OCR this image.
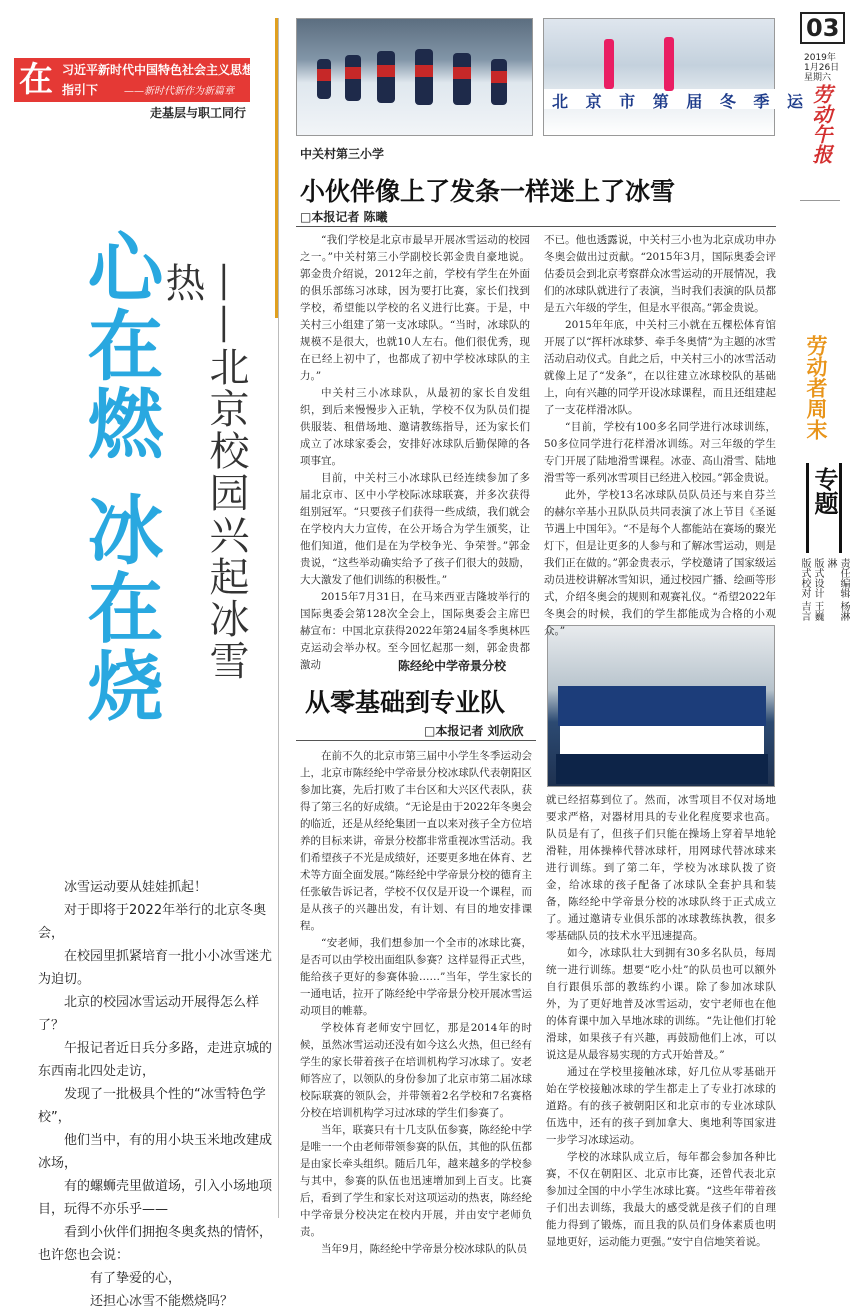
在 习近平新时代中国特色社会主义思想
指引下	——新时代新作为新篇章
走基层与职工同行
心在燃 冰在烧 ——北京校园兴起冰雪热

冰雪运动要从娃娃抓起！

对于即将于2022年举行的北京冬奥会，

在校园里抓紧培育一批小小冰雪迷尤为迫切。

北京的校园冰雪运动开展得怎么样了？

午报记者近日兵分多路，走进京城的东西南北四处走访，

发现了一批极具个性的“冰雪特色学校”，

他们当中，有的用小块玉米地改建成冰场，

有的螺蛳壳里做道场，引入小场地项目，玩得不亦乐乎——

看到小伙伴们拥抱冬奥炙热的情怀，也许您也会说：

有了挚爱的心，

还担心冰雪不能燃烧吗？

北 京 市 第 届 冬 季 运
03
2019年
1月26日
星期六
劳动午报
劳动者周末
专题
责任编辑 杨淋淋
版式设计 王巍
版式校对 吉言
中关村第三小学
小伙伴像上了发条一样迷上了冰雪
□本报记者 陈曦

“我们学校是北京市最早开展冰雪运动的校园之一。”中关村第三小学副校长郭金贵自豪地说。郭金贵介绍说，2012年之前，学校有学生在外面的俱乐部练习冰球，因为要打比赛，家长们找到学校，希望能以学校的名义进行比赛。于是，中关村三小组建了第一支冰球队。“当时，冰球队的规模不是很大，也就10人左右。他们很优秀，现在已经上初中了，也都成了初中学校冰球队的主力。”

中关村三小冰球队，从最初的家长自发组织，到后来慢慢步入正轨，学校不仅为队员们提供服装、租借场地、邀请教练指导，还为家长们成立了冰球家委会，安排好冰球队后勤保障的各项事宜。

目前，中关村三小冰球队已经连续参加了多届北京市、区中小学校际冰球联赛，并多次获得组别冠军。“只要孩子们获得一些成绩，我们就会在学校内大力宣传，在公开场合为学生颁奖，让他们知道，他们是在为学校争光、争荣誉。”郭金贵说，“这些举动确实给予了孩子们很大的鼓励，大大激发了他们训练的积极性。”

2015年7月31日，在马来西亚吉隆坡举行的国际奥委会第128次全会上，国际奥委会主席巴赫宣布：中国北京获得2022年第24届冬季奥林匹克运动会举办权。至今回忆起那一刻，郭金贵都激动

不已。他也透露说，中关村三小也为北京成功申办冬奥会做出过贡献。“2015年3月，国际奥委会评估委员会到北京考察群众冰雪运动的开展情况，我们的冰球队就进行了表演，当时我们表演的队员都是五六年级的学生，但是水平很高。”郭金贵说。

2015年年底，中关村三小就在五棵松体育馆开展了以“挥杆冰球梦、牵手冬奥情”为主题的冰雪活动启动仪式。自此之后，中关村三小的冰雪活动就像上足了“发条”，在以往建立冰球校队的基础上，向有兴趣的同学开设冰球课程，而且还组建起了一支花样滑冰队。

“目前，学校有100多名同学进行冰球训练，50多位同学进行花样滑冰训练。对三年级的学生专门开展了陆地滑雪课程。冰壶、高山滑雪、陆地滑雪等一系列冰雪项目已经进入校园。”郭金贵说。

此外，学校13名冰球队员队员还与来自芬兰的赫尔辛基小丑队队员共同表演了冰上节目《圣诞节遇上中国年》。“不是每个人都能站在赛场的聚光灯下，但是让更多的人参与和了解冰雪运动，则是我们正在做的。”郭金贵表示，学校邀请了国家级运动员进校讲解冰雪知识，通过校园广播、绘画等形式，介绍冬奥会的规则和观赛礼仪。“希望2022年冬奥会的时候，我们的学生都能成为合格的小观众。”

陈经纶中学帝景分校
从零基础到专业队
□本报记者 刘欣欣

在前不久的北京市第三届中小学生冬季运动会上，北京市陈经纶中学帝景分校冰球队代表朝阳区参加比赛，先后打败了丰台区和大兴区代表队，获得了第三名的好成绩。“无论是由于2022年冬奥会的临近，还是从经纶集团一直以来对孩子全方位培养的目标来讲，帝景分校都非常重视冰雪活动。我们希望孩子不光是成绩好，还要更多地在体育、艺术等方面全面发展。”陈经纶中学帝景分校的德育主任张敏告诉记者，学校不仅仅是开设一个课程，而是从孩子的兴趣出发，有计划、有目的地安排课程。

“安老师，我们想参加一个全市的冰球比赛，是否可以由学校出面组队参赛？这样显得正式些，能给孩子更好的参赛体验……”当年，学生家长的一通电话，拉开了陈经纶中学帝景分校开展冰雪运动项目的帷幕。

学校体育老师安宁回忆，那是2014年的时候，虽然冰雪运动还没有如今这么火热，但已经有学生的家长带着孩子在培训机构学习冰球了。安老师答应了，以领队的身份参加了北京市第二届冰球校际联赛的领队会，并带领着2名学校和7名赛格分校在培训机构学习过冰球的学生们参赛了。

当年，联赛只有十几支队伍参赛，陈经纶中学是唯一一个由老师带领参赛的队伍，其他的队伍都是由家长牵头组织。随后几年，越来越多的学校参与其中，参赛的队伍也迅速增加到上百支。比赛后，看到了学生和家长对这项运动的热衷，陈经纶中学帝景分校决定在校内开展，并由安宁老师负责。

当年9月，陈经纶中学帝景分校冰球队的队员

就已经招募到位了。然而，冰雪项目不仅对场地要求严格，对器材用具的专业化程度要求也高。队员是有了，但孩子们只能在操场上穿着旱地轮滑鞋，用体操棒代替冰球杆，用网球代替冰球来进行训练。到了第二年，学校为冰球队拨了资金，给冰球的孩子配备了冰球队全套护具和装备，陈经纶中学帝景分校的冰球队终于正式成立了。通过邀请专业俱乐部的冰球教练执教，很多零基础队员的技术水平迅速提高。

如今，冰球队壮大到拥有30多名队员，每周统一进行训练。想要“吃小灶”的队员也可以额外自行跟俱乐部的教练约小课。除了参加冰球队外，为了更好地普及冰雪运动，安宁老师也在他的体育课中加入旱地冰球的训练。“先让他们打轮滑球，如果孩子有兴趣，再鼓励他们上冰，可以说这是从最容易实现的方式开始普及。”

通过在学校里接触冰球，好几位从零基础开始在学校接触冰球的学生都走上了专业打冰球的道路。有的孩子被朝阳区和北京市的专业冰球队伍选中，还有的孩子到加拿大、奥地利等国家进一步学习冰球运动。

学校的冰球队成立后，每年都会参加各种比赛，不仅在朝阳区、北京市比赛，还曾代表北京参加过全国的中小学生冰球比赛。“这些年带着孩子们出去训练，我最大的感受就是孩子们的自理能力得到了锻炼，而且我的队员们身体素质也明显地更好，运动能力更强。”安宁自信地笑着说。
